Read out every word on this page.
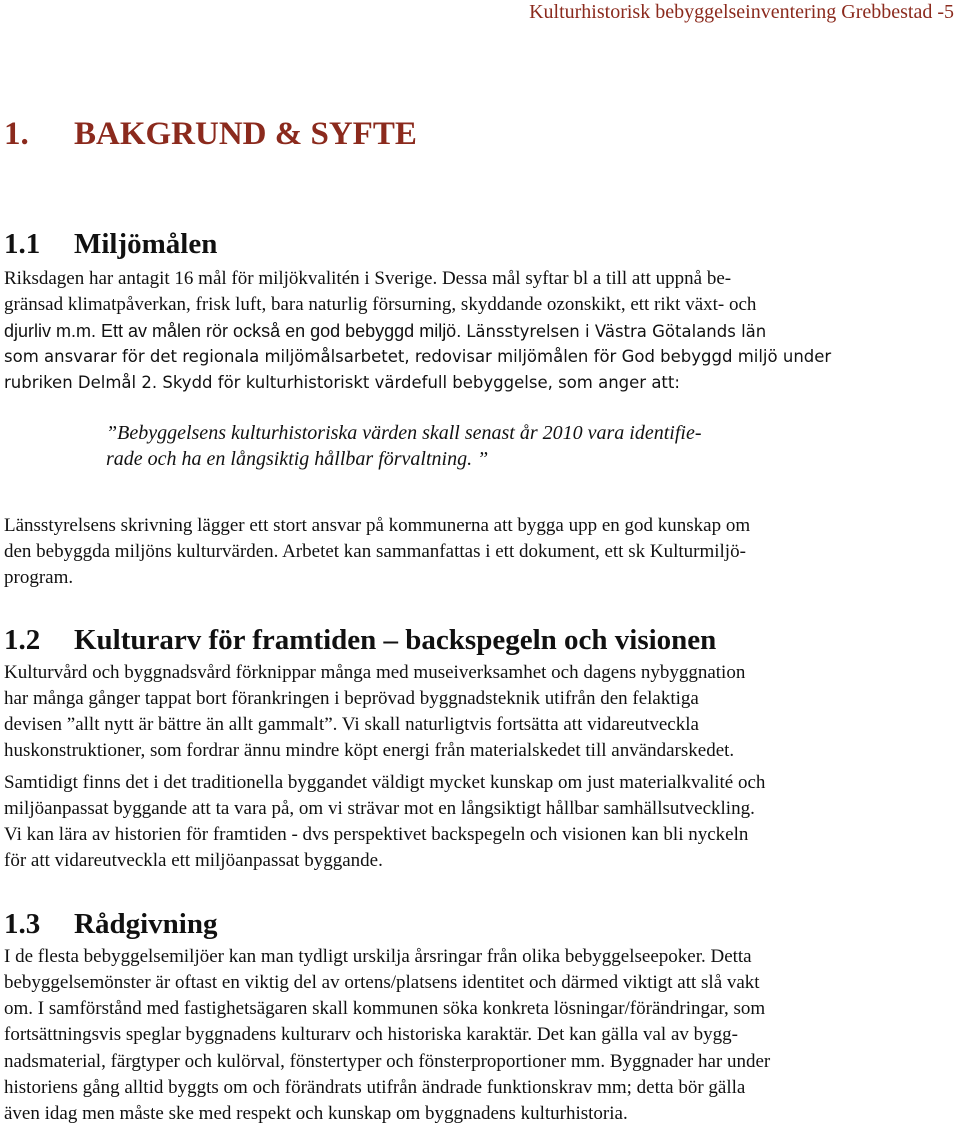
Kulturhistorisk bebyggelseinventering Grebbestad -5
1. BAKGRUND & SYFTE
1.1 Miljömålen

Riksdagen har antagit 16 mål för miljökvalitén i Sverige. Dessa mål syftar bl a till att uppnå be-

gränsad klimatpåverkan, frisk luft, bara naturlig försurning, skyddande ozonskikt, ett rikt växt- och

djurliv m.m. Ett av målen rör också en god bebyggd miljö. Länsstyrelsen i Västra Götalands län

som ansvarar för det regionala miljömålsarbetet, redovisar miljömålen för God bebyggd miljö under

rubriken Delmål 2. Skydd för kulturhistoriskt värdefull bebyggelse, som anger att:

”Bebyggelsens kulturhistoriska värden skall senast år 2010 vara identifie-

rade och ha en långsiktig hållbar förvaltning. ”

Länsstyrelsens skrivning lägger ett stort ansvar på kommunerna att bygga upp en god kunskap om

den bebyggda miljöns kulturvärden. Arbetet kan sammanfattas i ett dokument, ett sk Kulturmiljö-

program.

1.2 Kulturarv för framtiden – backspegeln och visionen

Kulturvård och byggnadsvård förknippar många med museiverksamhet och dagens nybyggnation

har många gånger tappat bort förankringen i beprövad byggnadsteknik utifrån den felaktiga

devisen ”allt nytt är bättre än allt gammalt”. Vi skall naturligtvis fortsätta att vidareutveckla

huskonstruktioner, som fordrar ännu mindre köpt energi från materialskedet till användarskedet.

Samtidigt finns det i det traditionella byggandet väldigt mycket kunskap om just materialkvalité och

miljöanpassat byggande att ta vara på, om vi strävar mot en långsiktigt hållbar samhällsutveckling.

Vi kan lära av historien för framtiden - dvs perspektivet backspegeln och visionen kan bli nyckeln

för att vidareutveckla ett miljöanpassat byggande.

1.3 Rådgivning

I de flesta bebyggelsemiljöer kan man tydligt urskilja årsringar från olika bebyggelseepoker. Detta

bebyggelsemönster är oftast en viktig del av ortens/platsens identitet och därmed viktigt att slå vakt

om. I samförstånd med fastighetsägaren skall kommunen söka konkreta lösningar/förändringar, som

fortsättningsvis speglar byggnadens kulturarv och historiska karaktär. Det kan gälla val av bygg-

nadsmaterial, färgtyper och kulörval, fönstertyper och fönsterproportioner mm. Byggnader har under

historiens gång alltid byggts om och förändrats utifrån ändrade funktionskrav mm; detta bör gälla

även idag men måste ske med respekt och kunskap om byggnadens kulturhistoria.
